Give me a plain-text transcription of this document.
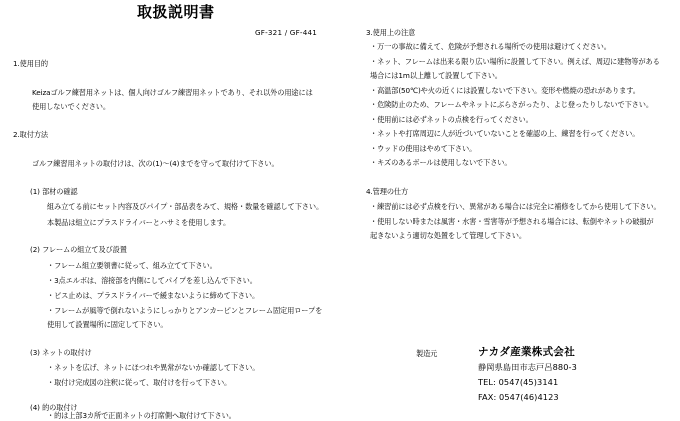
取扱説明書
GF-321 / GF-441
1.使用目的
Keizaゴルフ練習用ネットは、個人向けゴルフ練習用ネットであり、それ以外の用途には
使用しないでください。
2.取付方法
ゴルフ練習用ネットの取付けは、次の(1)～(4)までを守って取付けて下さい。
(1) 部材の確認
組み立てる前にセット内容及びパイプ・部品表をみて、規格・数量を確認して下さい。
本製品は組立にプラスドライバーとハサミを使用します。
(2) フレームの組立て及び設置
・フレーム組立要領書に従って、組み立てて下さい。
・3点エルボは、溶接部を内側にしてパイプを差し込んで下さい。
・ビス止めは、プラスドライバーで緩まないように締めて下さい。
・フレームが風等で倒れないようにしっかりとアンカーピンとフレーム固定用ロープを
使用して設置場所に固定して下さい。
(3) ネットの取付け
・ネットを広げ、ネットにほつれや異常がないか確認して下さい。
・取付け完成図の注釈に従って、取付けを行って下さい。
(4) 的の取付け
・的は上部3カ所で正面ネットの打席側へ取付けて下さい。
3.使用上の注意
・万一の事故に備えて、危険が予想される場所での使用は避けてください。
・ネット、フレームは出来る限り広い場所に設置して下さい。例えば、周辺に建物等がある
場合には1m以上離して設置して下さい。
・高温部(50℃)や火の近くには設置しないで下さい。変形や燃焼の恐れがあります。
・危険防止のため、フレームやネットにぶらさがったり、よじ登ったりしないで下さい。
・使用前には必ずネットの点検を行ってください。
・ネットや打席周辺に人が近づいていないことを確認の上、練習を行ってください。
・ウッドの使用はやめて下さい。
・キズのあるボールは使用しないで下さい。
4.管理の仕方
・練習前には必ず点検を行い、異常がある場合には完全に補修をしてから使用して下さい。
・使用しない時または風害・水害・雪害等が予想される場合には、転倒やネットの破損が
起きないよう適切な処置をして管理して下さい。
製造元	ナカダ産業株式会社
静岡県島田市志戸呂880-3
TEL: 0547(45)3141
FAX: 0547(46)4123
